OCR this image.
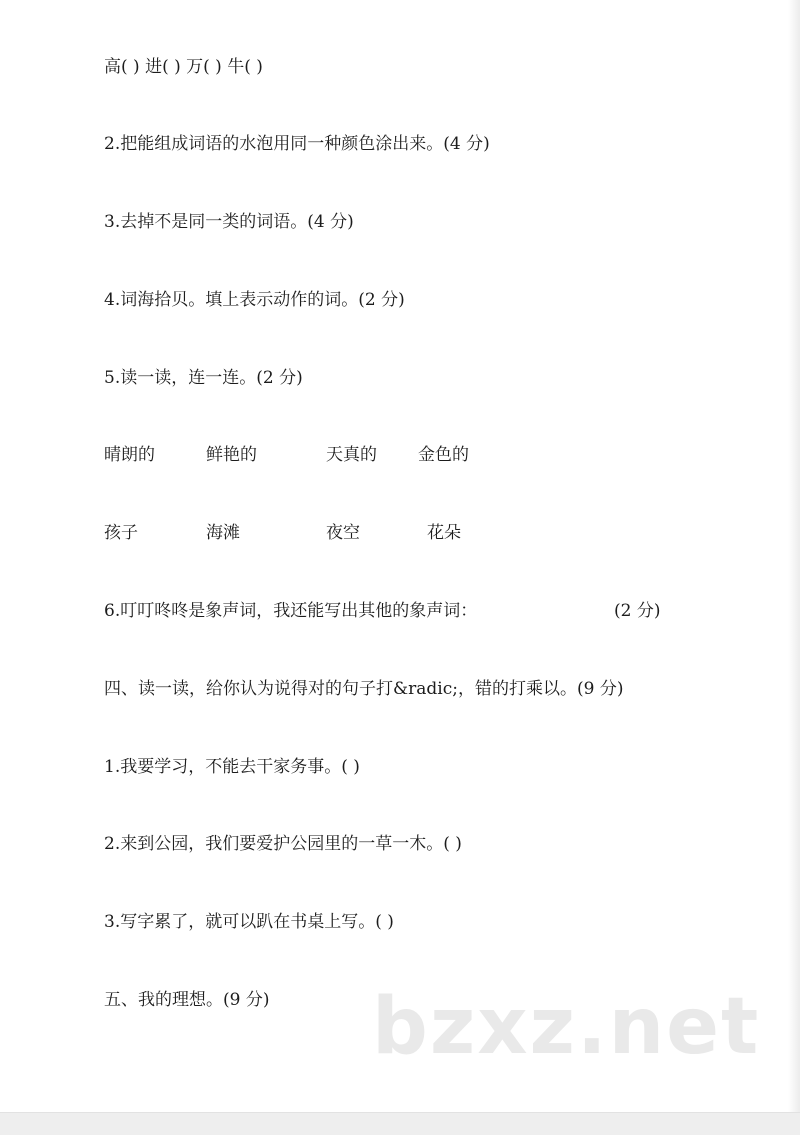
高( ) 进( ) 万( ) 牛( )
2.把能组成词语的水泡用同一种颜色涂出来。(4 分)
3.去掉不是同一类的词语。(4 分)
4.词海拾贝。填上表示动作的词。(2 分)
5.读一读，连一连。(2 分)
晴朗的	鲜艳的	天真的 金色的
孩子	海滩	夜空	花朵
6.叮叮咚咚是象声词，我还能写出其他的象声词：	(2 分)
四、读一读，给你认为说得对的句子打&radic;，错的打乘以。(9 分)
1.我要学习，不能去干家务事。( )
2.来到公园，我们要爱护公园里的一草一木。( )
3.写字累了，就可以趴在书桌上写。( )
五、我的理想。(9 分) bzxz.net
